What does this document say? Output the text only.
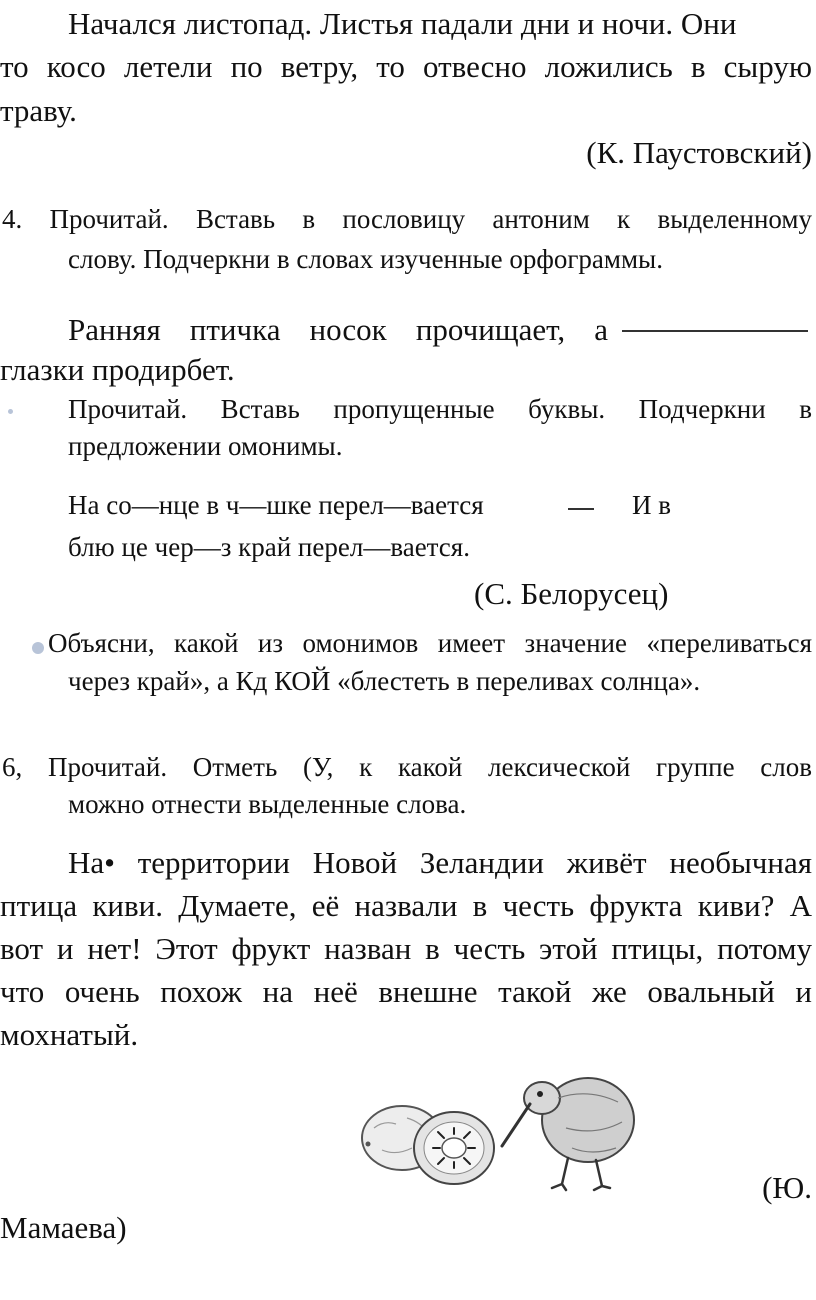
Начался листопад. Листья падали дни и ночи. Они
то косо летели по ветру, то отвесно ложились в сырую
траву.
(К. Паустовский)
4. Прочитай. Вставь в пословицу антоним к выделенному
слову. Подчеркни в словах изученные орфограммы.
Ранняя птичка носок прочищает, а
глазки продирбет.
Прочитай. Вставь пропущенные буквы. Подчеркни в
предложении омонимы.
На со—нце в ч—шке перел—вается	И в
блю це чер—з край перел—вается.
(С. Белорусец)
Объясни, какой из омонимов имеет значение «переливаться
через край», а Кд КОЙ «блестеть в переливах солнца».
6, Прочитай. Отметь (У, к какой лексической группе слов
можно отнести выделенные слова.
На• территории Новой Зеландии живёт необычная
птица киви. Думаете, её назвали в честь фрукта киви? А
вот и нет! Этот фрукт назван в честь этой птицы, потому
что очень похож на неё внешне такой же овальный и
мохнатый.
(Ю.
Мамаева)
